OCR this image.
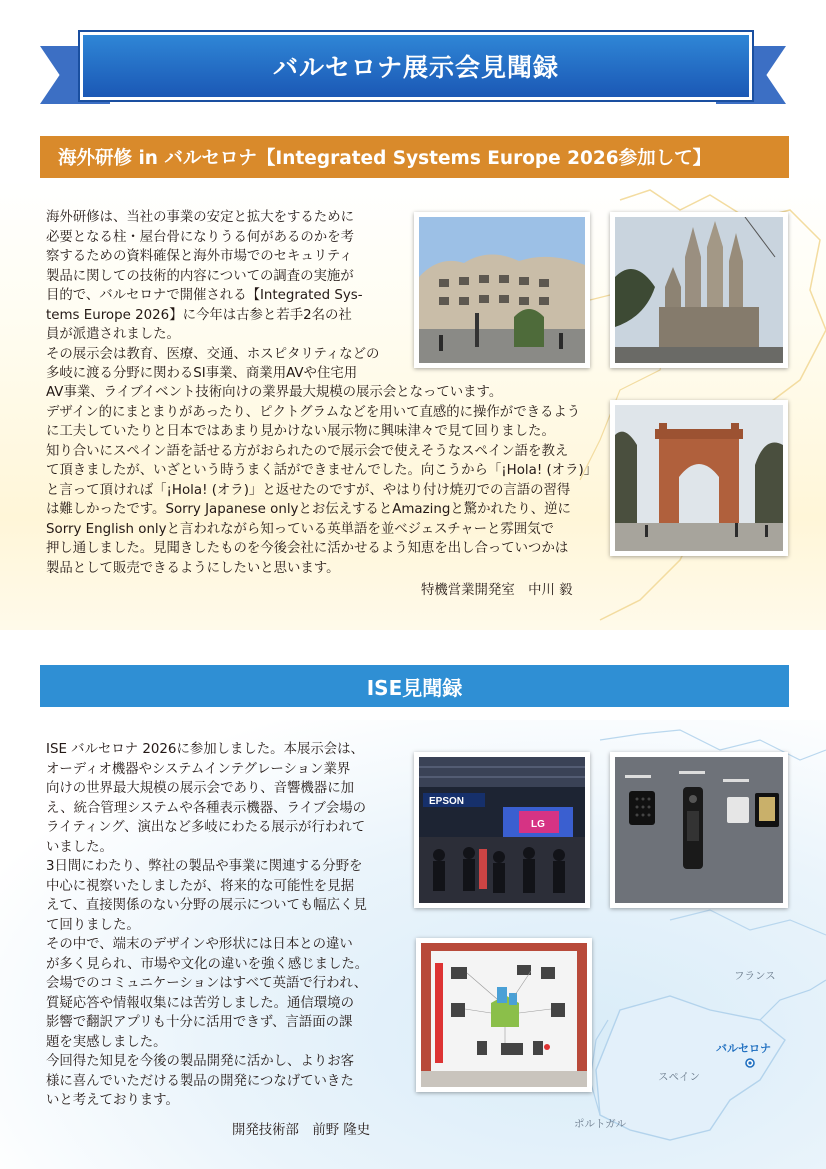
バルセロナ展示会見聞録
海外研修 in バルセロナ【Integrated Systems Europe 2026参加して】
海外研修は、当社の事業の安定と拡大をするために
必要となる柱・屋台骨になりうる何があるのかを考
察するための資料確保と海外市場でのセキュリティ
製品に関しての技術的内容についての調査の実施が
目的で、バルセロナで開催される【Integrated Sys-
tems Europe 2026】に今年は古参と若手2名の社
員が派遣されました。
その展示会は教育、医療、交通、ホスピタリティなどの
多岐に渡る分野に関わるSI事業、商業用AVや住宅用
AV事業、ライブイベント技術向けの業界最大規模の展示会となっています。
デザイン的にまとまりがあったり、ピクトグラムなどを用いて直感的に操作ができるよう
に工夫していたりと日本ではあまり見かけない展示物に興味津々で見て回りました。
知り合いにスペイン語を話せる方がおられたので展示会で使えそうなスペイン語を教え
て頂きましたが、いざという時うまく話ができませんでした。向こうから「¡Hola! (オラ)」
と言って頂ければ「¡Hola! (オラ)」と返せたのですが、やはり付け焼刃での言語の習得
は難しかったです。Sorry Japanese onlyとお伝えするとAmazingと驚かれたり、逆に
Sorry English onlyと言われながら知っている英単語を並べジェスチャーと雰囲気で
押し通しました。見聞きしたものを今後会社に活かせるよう知恵を出し合っていつかは
製品として販売できるようにしたいと思います。
特機営業開発室　中川 毅
ISE見聞録
フランス
バルセロナ
スペイン
ポルトガル
ISE バルセロナ 2026に参加しました。本展示会は、
オーディオ機器やシステムインテグレーション業界
向けの世界最大規模の展示会であり、音響機器に加
え、統合管理システムや各種表示機器、ライブ会場の
ライティング、演出など多岐にわたる展示が行われて
いました。
3日間にわたり、弊社の製品や事業に関連する分野を
中心に視察いたしましたが、将来的な可能性を見据
えて、直接関係のない分野の展示についても幅広く見
て回りました。
その中で、端末のデザインや形状には日本との違い
が多く見られ、市場や文化の違いを強く感じました。
会場でのコミュニケーションはすべて英語で行われ、
質疑応答や情報収集には苦労しました。通信環境の
影響で翻訳アプリも十分に活用できず、言語面の課
題を実感しました。
今回得た知見を今後の製品開発に活かし、よりお客
様に喜んでいただける製品の開発につなげていきた
いと考えております。
開発技術部　前野 隆史
EPSON
LG
